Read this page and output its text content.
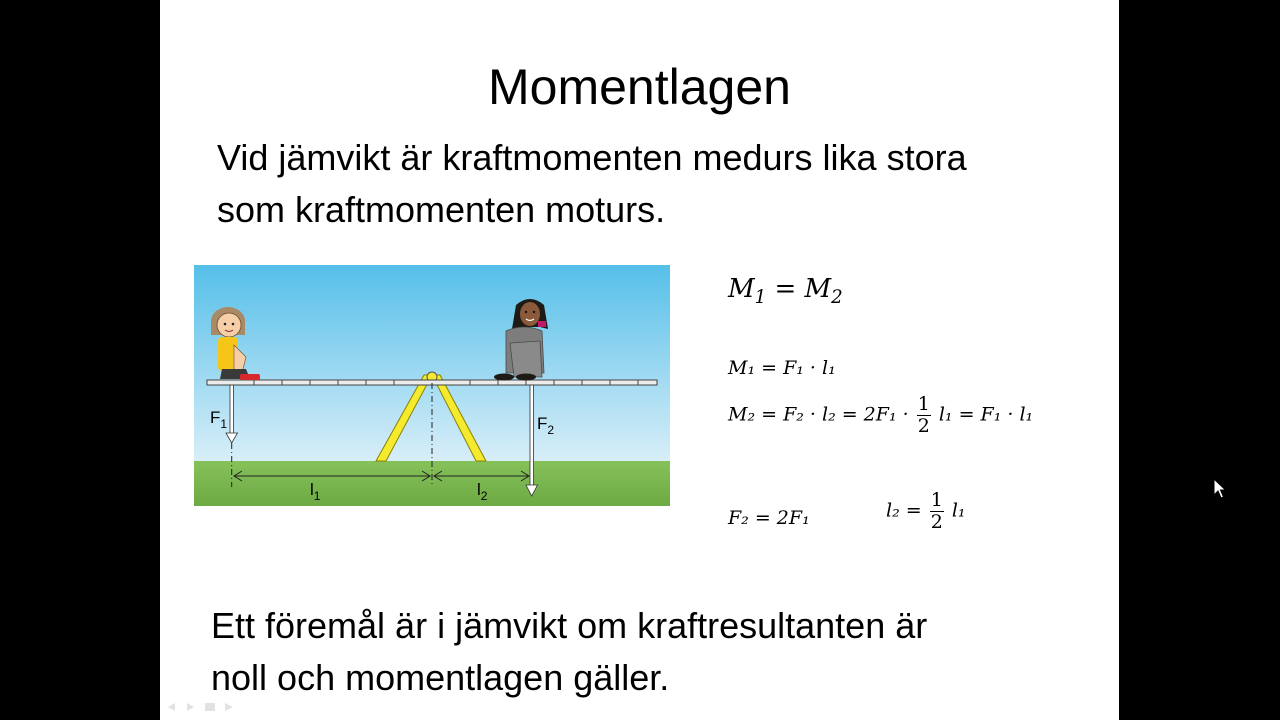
Momentlagen
Vid jämvikt är kraftmomenten medurs lika stora
som kraftmomenten moturs.
$F_1$	$F_2$
$l_1$	$l_2$
$M_1 = M_2$
M₁ = F₁ · l₁
$M_2 = F_2 \cdot l_2 = 2F_1 \cdot \frac{1}{2} l_1 = F_1 \cdot l_1$
F₂ = 2F₁	$l_2 = \frac{1}{2} l_1$
Ett föremål är i jämvikt om kraftresultanten är
noll och momentlagen gäller.
